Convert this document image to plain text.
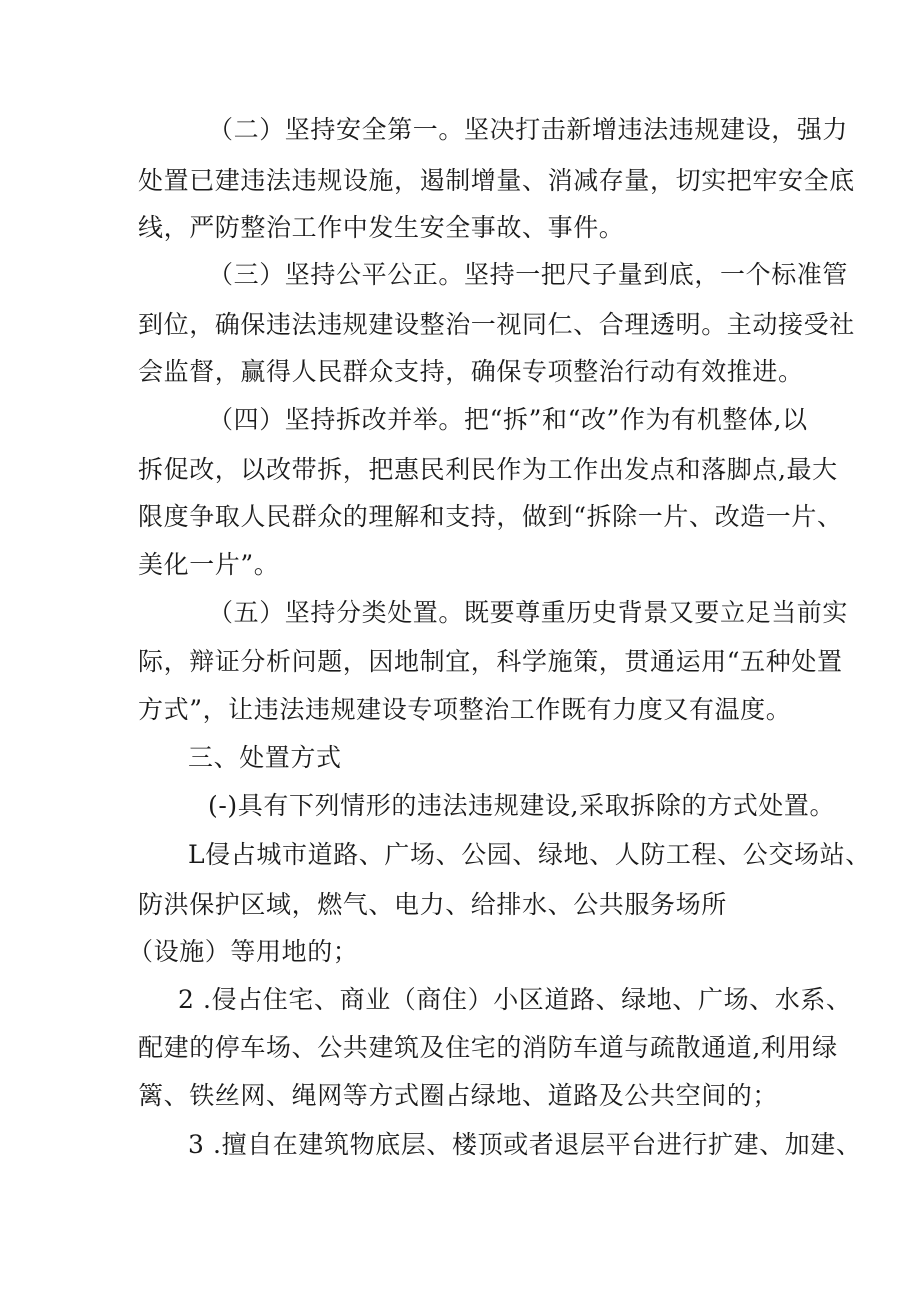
（二）坚持安全第一。坚决打击新增违法违规建设，强力
处置已建违法违规设施，遏制增量、消减存量，切实把牢安全底
线，严防整治工作中发生安全事故、事件。
（三）坚持公平公正。坚持一把尺子量到底，一个标准管
到位，确保违法违规建设整治一视同仁、合理透明。主动接受社
会监督，赢得人民群众支持，确保专项整治行动有效推进。
（四）坚持拆改并举。把“拆”和“改”作为有机整体,以
拆促改，以改带拆，把惠民利民作为工作出发点和落脚点,最大
限度争取人民群众的理解和支持，做到“拆除一片、改造一片、
美化一片”。
（五）坚持分类处置。既要尊重历史背景又要立足当前实
际，辩证分析问题，因地制宜，科学施策，贯通运用“五种处置
方式”，让违法违规建设专项整治工作既有力度又有温度。
三、处置方式
(-)具有下列情形的违法违规建设,采取拆除的方式处置。
L侵占城市道路、广场、公园、绿地、人防工程、公交场站、
防洪保护区域，燃气、电力、给排水、公共服务场所
（设施）等用地的；
2 .侵占住宅、商业（商住）小区道路、绿地、广场、水系、
配建的停车场、公共建筑及住宅的消防车道与疏散通道,利用绿
篱、铁丝网、绳网等方式圈占绿地、道路及公共空间的；
3 .擅自在建筑物底层、楼顶或者退层平台进行扩建、加建、
